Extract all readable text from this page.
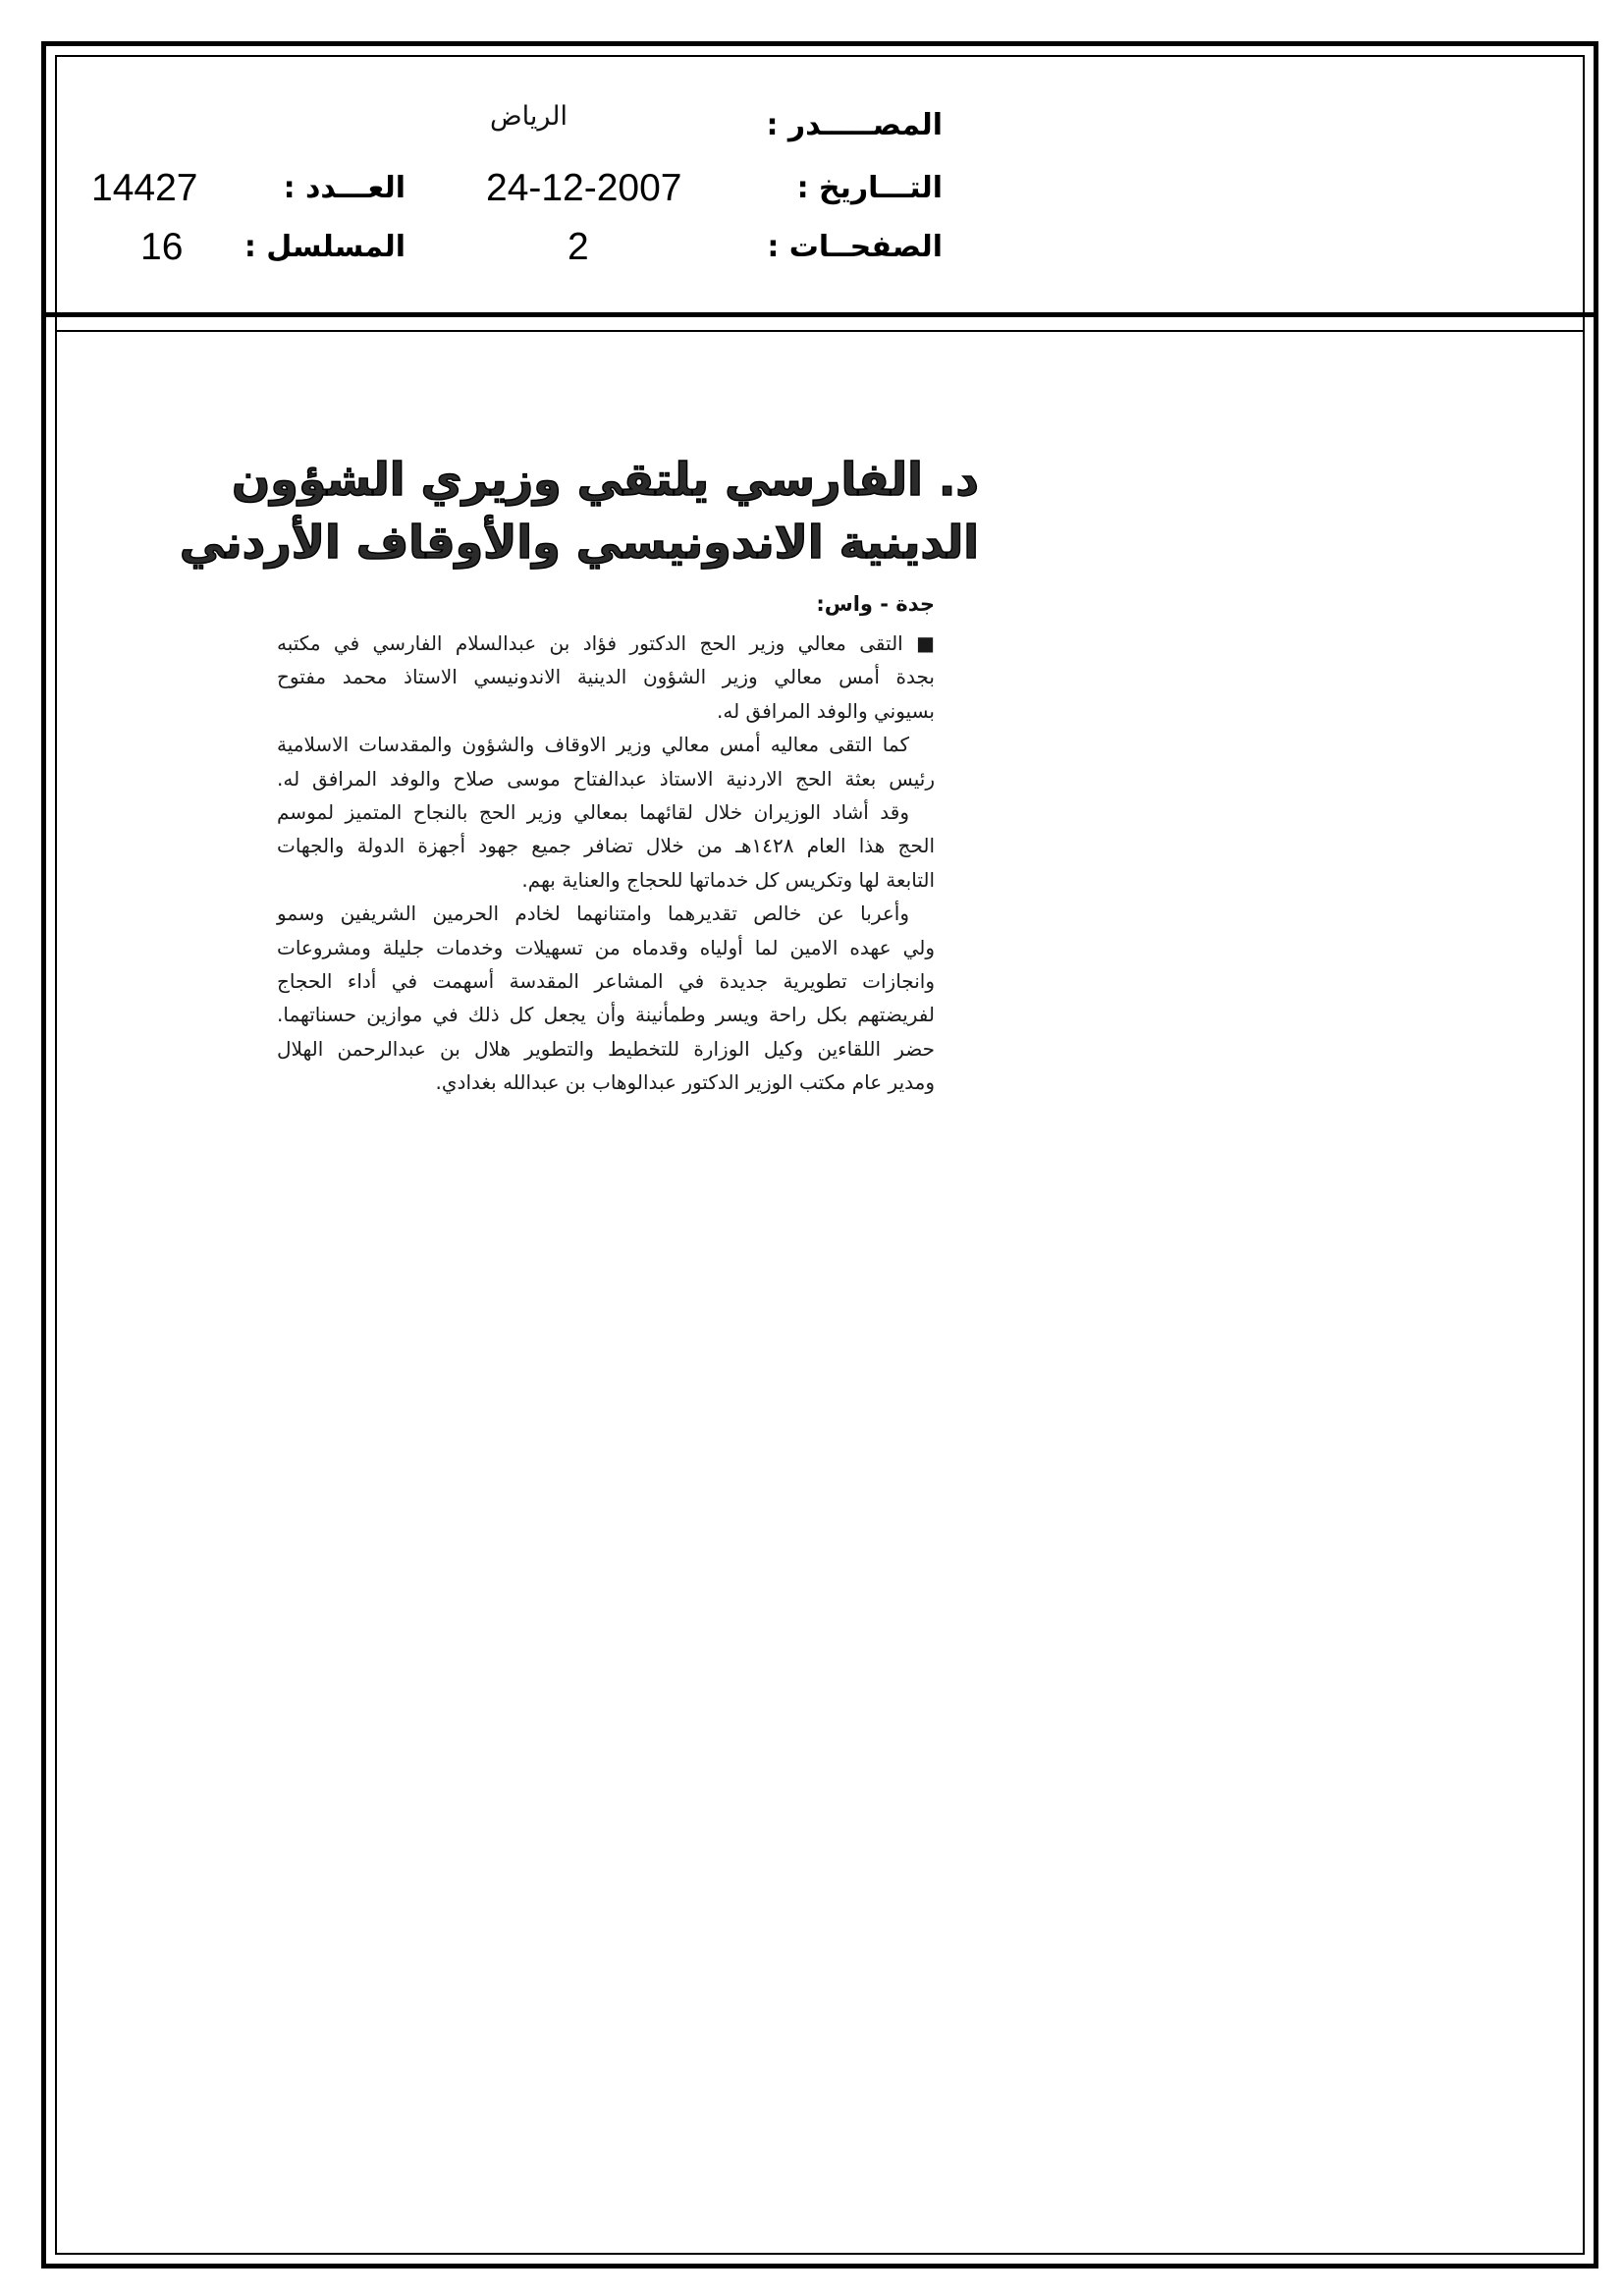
المصـــــدر :
الرياض
التـــاريخ :
24-12-2007
العـــدد :
14427
الصفحــات :
2
المسلسل :
16
د. الفارسي يلتقي وزيري الشؤون
الدينية الاندونيسي والأوقاف الأردني
جدة - واس:
■ التقى معالي وزير الحج الدكتور فؤاد بن عبدالسلام الفارسي في مكتبه
بجدة أمس معالي وزير الشؤون الدينية الاندونيسي الاستاذ محمد مفتوح
بسيوني والوفد المرافق له.
كما التقى معاليه أمس معالي وزير الاوقاف والشؤون والمقدسات الاسلامية
رئيس بعثة الحج الاردنية الاستاذ عبدالفتاح موسى صلاح والوفد المرافق له.
وقد أشاد الوزيران خلال لقائهما بمعالي وزير الحج بالنجاح المتميز لموسم
الحج هذا العام ١٤٢٨هـ من خلال تضافر جميع جهود أجهزة الدولة والجهات
التابعة لها وتكريس كل خدماتها للحجاج والعناية بهم.
وأعربا عن خالص تقديرهما وامتنانهما لخادم الحرمين الشريفين وسمو
ولي عهده الامين لما أولياه وقدماه من تسهيلات وخدمات جليلة ومشروعات
وانجازات تطويرية جديدة في المشاعر المقدسة أسهمت في أداء الحجاج
لفريضتهم بكل راحة ويسر وطمأنينة وأن يجعل كل ذلك في موازين حسناتهما.
حضر اللقاءين وكيل الوزارة للتخطيط والتطوير هلال بن عبدالرحمن الهلال
ومدير عام مكتب الوزير الدكتور عبدالوهاب بن عبدالله بغدادي.
